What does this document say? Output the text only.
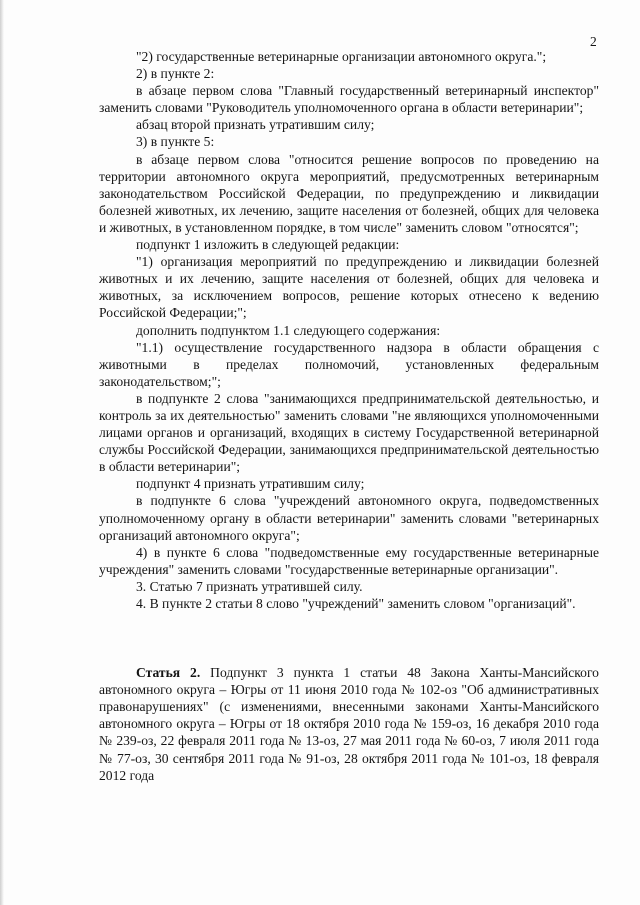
2

"2) государственные ветеринарные организации автономного округа.";

2) в пункте 2:

в абзаце первом слова "Главный государственный ветеринарный инспектор" заменить словами "Руководитель уполномоченного органа в области ветеринарии";

абзац второй признать утратившим силу;

3) в пункте 5:

в абзаце первом слова "относится решение вопросов по проведению на территории автономного округа мероприятий, предусмотренных ветеринарным законодательством Российской Федерации, по предупреждению и ликвидации болезней животных, их лечению, защите населения от болезней, общих для человека и животных, в установленном порядке, в том числе" заменить словом "относятся";

подпункт 1 изложить в следующей редакции:

"1) организация мероприятий по предупреждению и ликвидации болезней животных и их лечению, защите населения от болезней, общих для человека и животных, за исключением вопросов, решение которых отнесено к ведению Российской Федерации;";

дополнить подпунктом 1.1 следующего содержания:

"1.1) осуществление государственного надзора в области обращения с животными в пределах полномочий, установленных федеральным законодательством;";

в подпункте 2 слова "занимающихся предпринимательской деятельностью, и контроль за их деятельностью" заменить словами "не являющихся уполномоченными лицами органов и организаций, входящих в систему Государственной ветеринарной службы Российской Федерации, занимающихся предпринимательской деятельностью в области ветеринарии";

подпункт 4 признать утратившим силу;

в подпункте 6 слова "учреждений автономного округа, подведомственных уполномоченному органу в области ветеринарии" заменить словами "ветеринарных организаций автономного округа";

4) в пункте 6 слова "подведомственные ему государственные ветеринарные учреждения" заменить словами "государственные ветеринарные организации".

3. Статью 7 признать утратившей силу.

4. В пункте 2 статьи 8 слово "учреждений" заменить словом "организаций".

Статья 2. Подпункт 3 пункта 1 статьи 48 Закона Ханты-Мансийского автономного округа – Югры от 11 июня 2010 года № 102-оз "Об административных правонарушениях" (с изменениями, внесенными законами Ханты-Мансийского автономного округа – Югры от 18 октября 2010 года № 159-оз, 16 декабря 2010 года № 239-оз, 22 февраля 2011 года № 13-оз, 27 мая 2011 года № 60-оз, 7 июля 2011 года № 77-оз, 30 сентября 2011 года № 91-оз, 28 октября 2011 года № 101-оз, 18 февраля 2012 года
